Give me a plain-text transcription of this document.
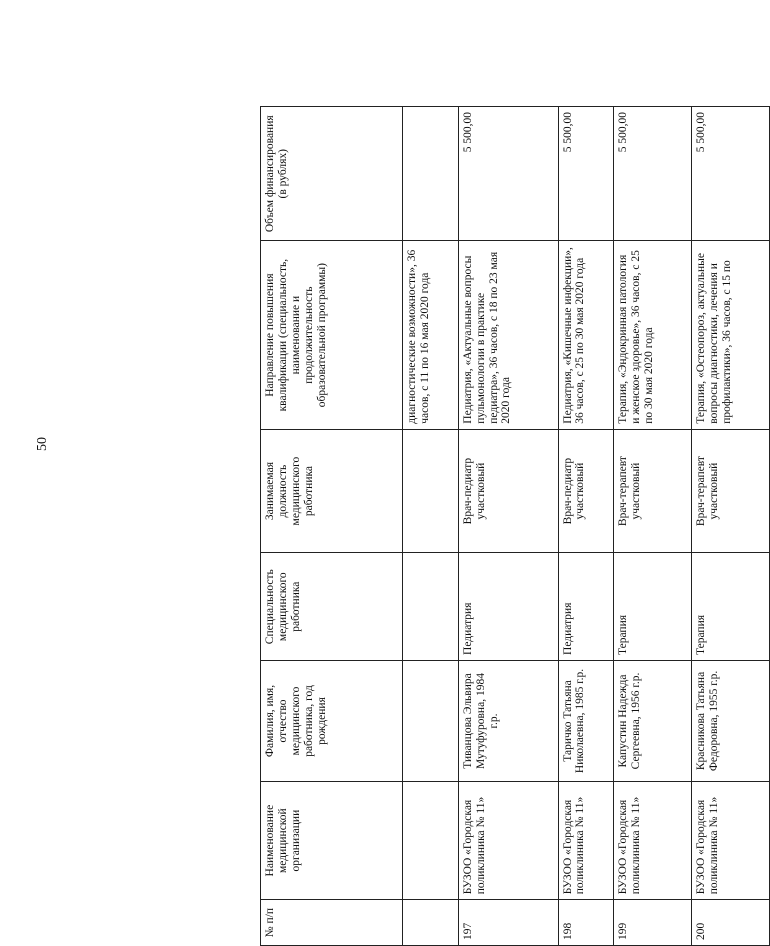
50
№ п/п	Наименование медицинской организации	Фамилия, имя, отчество медицинского работника, год рождения	Специальность медицинского работника	Занимаемая должность медицинского работника	Направление повышения квалификации (специальность, наименование и продолжительность образовательной программы)	Объем финансирования (в рублях)
					диагностические возможности», 36 часов, с 11 по 16 мая 2020 года	
197	БУЗОО «Городская поликлиника № 11»	Тиванцова Эльвира Мутуфуровна, 1984 г.р.	Педиатрия	Врач-педиатр участковый	Педиатрия, «Актуальные вопросы пульмонологии в практике педиатра», 36 часов, с 18 по 23 мая 2020 года	5 500,00
198	БУЗОО «Городская поликлиника № 11»	Таричко Татьяна Николаевна, 1985 г.р.	Педиатрия	Врач-педиатр участковый	Педиатрия, «Кишечные инфекции», 36 часов, с 25 по 30 мая 2020 года	5 500,00
199	БУЗОО «Городская поликлиника № 11»	Капустин Надежда Сергеевна, 1956 г.р.	Терапия	Врач-терапевт участковый	Терапия, «Эндокринная патология и женское здоровье», 36 часов, с 25 по 30 мая 2020 года	5 500,00
200	БУЗОО «Городская поликлиника № 11»	Красникова Татьяна Федоровна, 1955 г.р.	Терапия	Врач-терапевт участковый	Терапия, «Остеопороз, актуальные вопросы диагностики, лечения и профилактики», 36 часов, с 15 по	5 500,00
